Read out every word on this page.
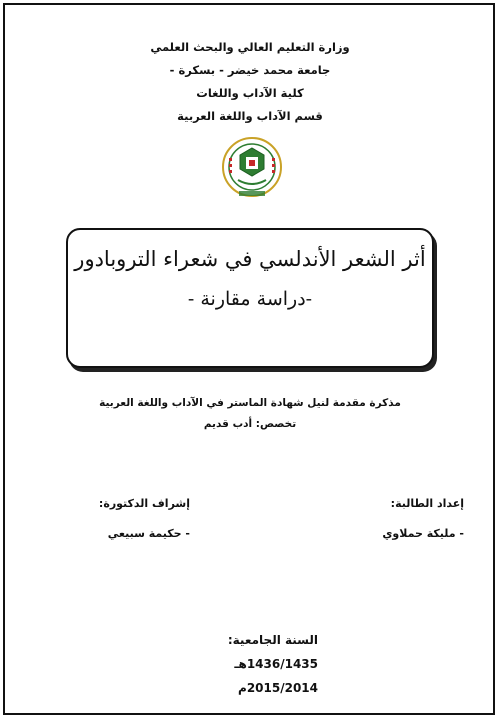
وزارة التعليم العالي والبحث العلمي
جامعة محمد خيضر - بسكرة -
كلية الآداب واللغات
قسم الآداب واللغة العربية
أثر الشعر الأندلسي في شعراء التروبادور
-دراسة مقارنة -
مذكرة مقدمة لنيل شهادة الماستر في الآداب واللغة العربية
تخصص: أدب قديم
إعداد الطالبة:
- مليكة حملاوي
إشراف الدكتورة:
- حكيمة سبيعي
السنة الجامعية:
1436/1435هـ
2015/2014م
